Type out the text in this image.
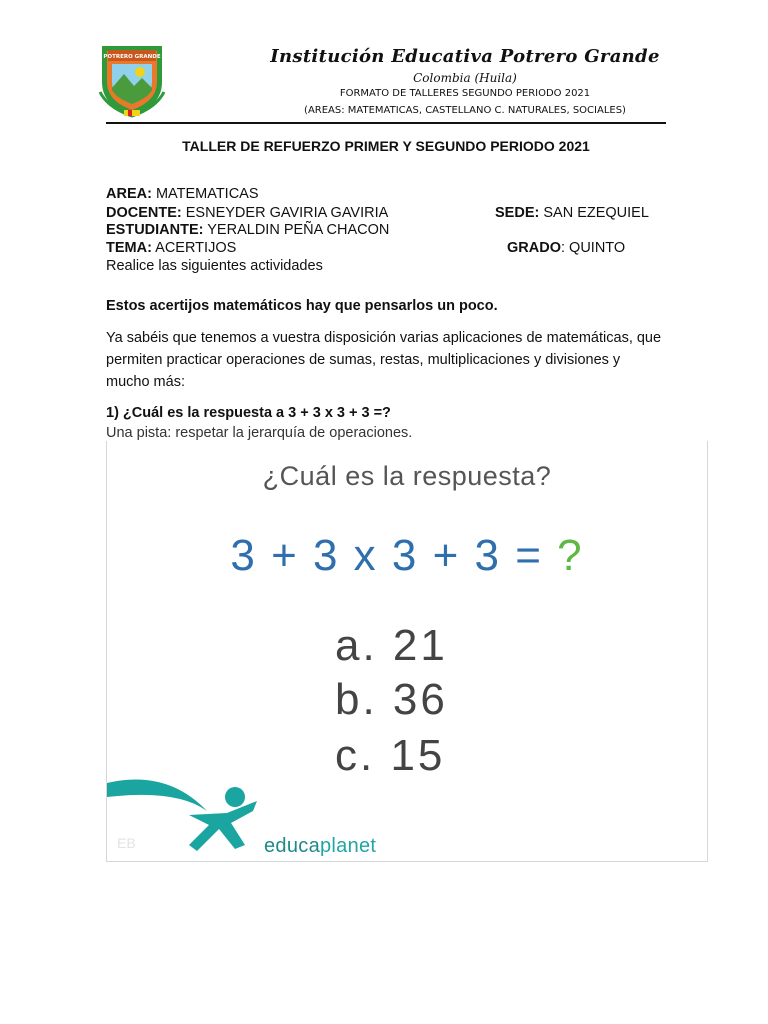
POTRERO GRANDE	Institución Educativa Potrero Grande
Colombia (Huila)
FORMATO DE TALLERES SEGUNDO PERIODO 2021
(AREAS: MATEMATICAS, CASTELLANO C. NATURALES, SOCIALES)
TALLER DE REFUERZO PRIMER Y SEGUNDO PERIODO 2021
AREA: MATEMATICAS
DOCENTE: ESNEYDER GAVIRIA GAVIRIA	SEDE: SAN EZEQUIEL
ESTUDIANTE: YERALDIN PEÑA CHACON
TEMA: ACERTIJOS	GRADO: QUINTO
Realice las siguientes actividades
Estos acertijos matemáticos hay que pensarlos un poco.
Ya sabéis que tenemos a vuestra disposición varias aplicaciones de matemáticas, que permiten practicar operaciones de sumas, restas, multiplicaciones y divisiones y mucho más:
1) ¿Cuál es la respuesta a 3 + 3 x 3 + 3 =?
Una pista: respetar la jerarquía de operaciones.
¿Cuál es la respuesta?
3 + 3 x 3 + 3 = ?
a. 21
b. 36
c. 15
EB	educaplanet
